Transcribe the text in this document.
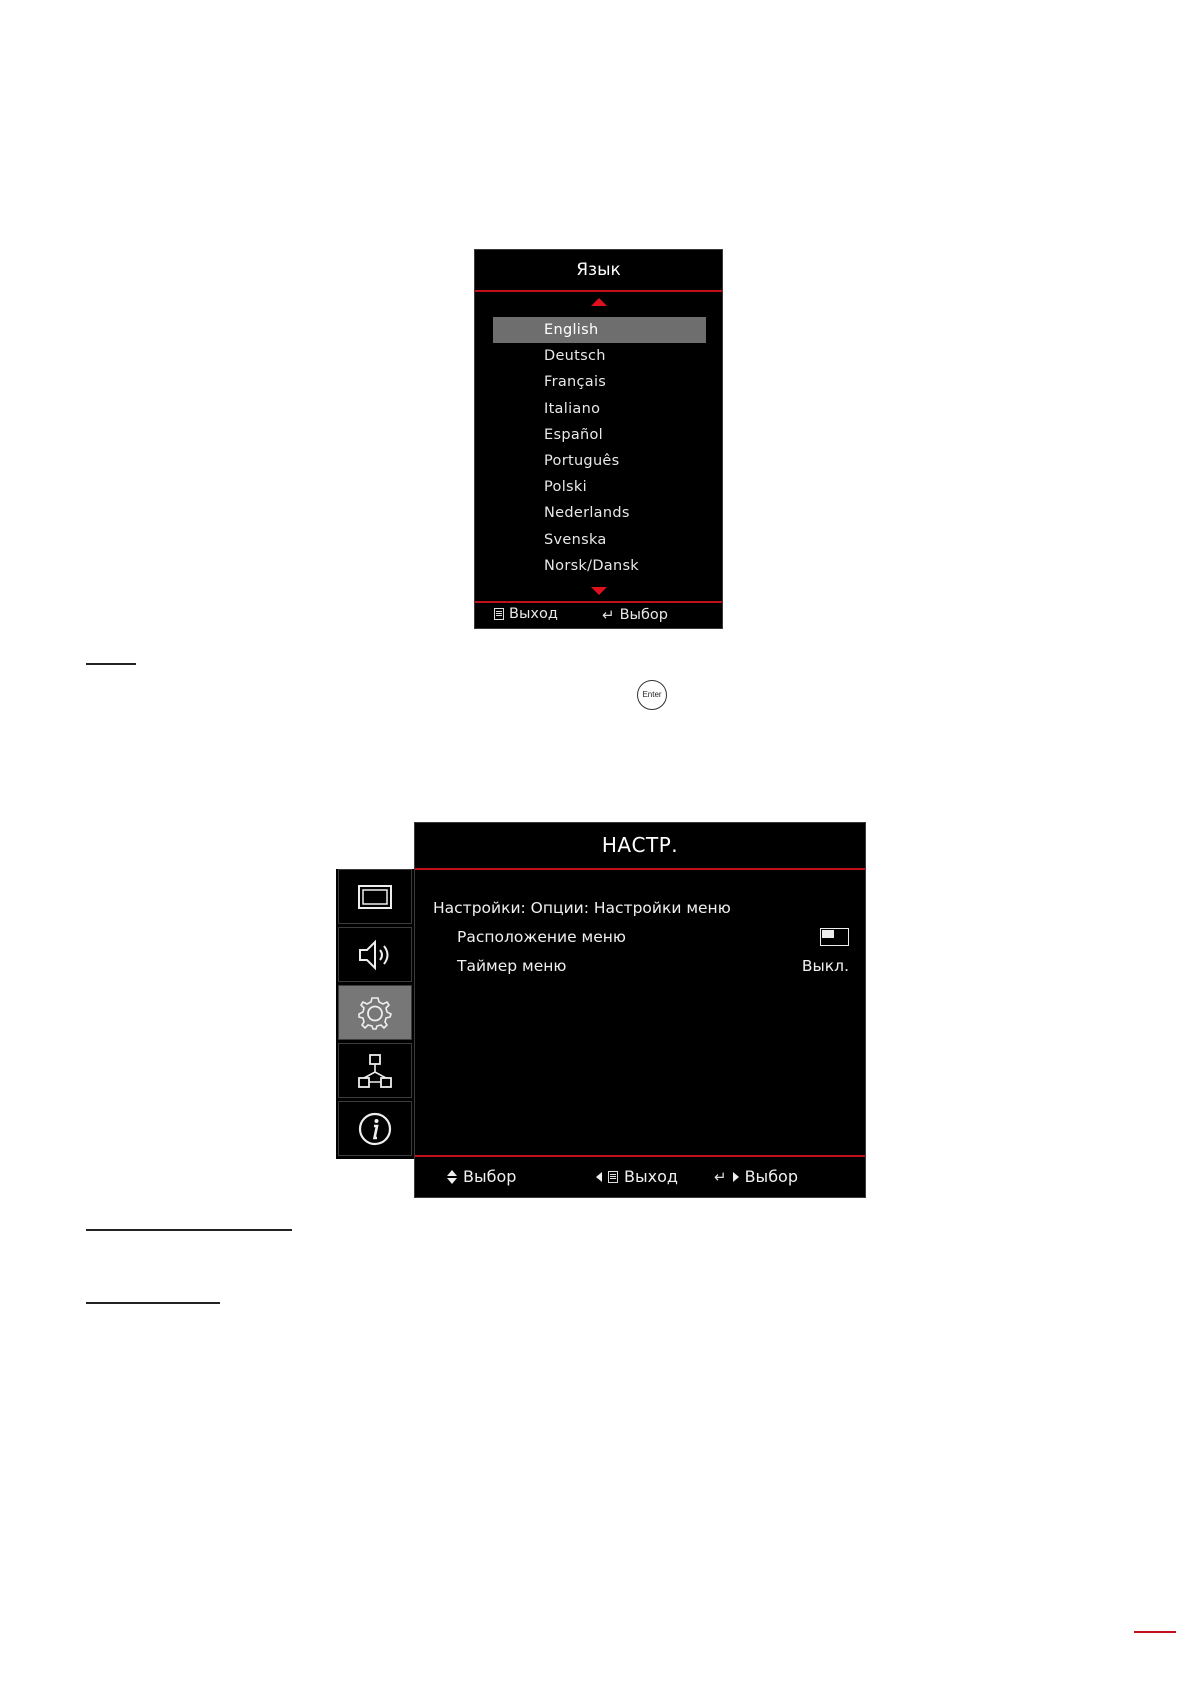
Язык
English
Deutsch
Français
Italiano
Español
Português
Polski
Nederlands
Svenska
Norsk/Dansk
Выход	↵ Выбор
Enter
НАСТР.
Настройки: Опции: Настройки меню
Расположение меню
Таймер меню	Выкл.
Выбор	Выход ↵ Выбор
